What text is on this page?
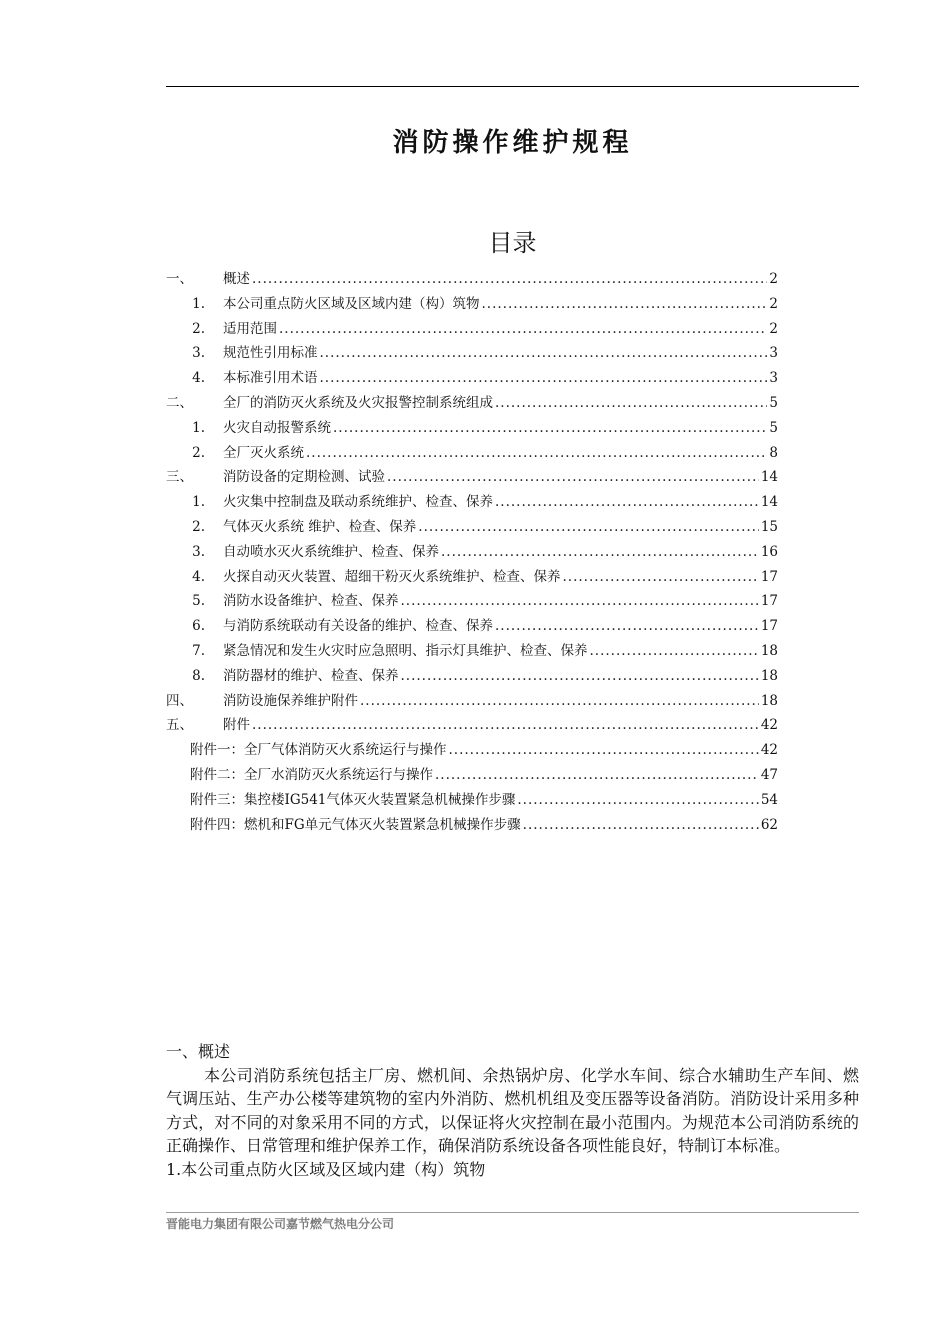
消防操作维护规程
目录
一、 概述 .....	2
1. 本公司重点防火区域及区域内建（构）筑物 .....	2
2. 适用范围 .....	2
3. 规范性引用标准 .....	3
4. 本标准引用术语 .....	3
二、 全厂的消防灭火系统及火灾报警控制系统组成 .....	5
1. 火灾自动报警系统 .....	5
2. 全厂灭火系统 .....	8
三、 消防设备的定期检测、试验 .....	14
1. 火灾集中控制盘及联动系统维护、检查、保养 .....	14
2. 气体灭火系统 维护、检查、保养 .....	15
3. 自动喷水灭火系统维护、检查、保养 .....	16
4. 火探自动灭火装置、超细干粉灭火系统维护、检查、保养 .....	17
5. 消防水设备维护、检查、保养 .....	17
6. 与消防系统联动有关设备的维护、检查、保养 .....	17
7. 紧急情况和发生火灾时应急照明、指示灯具维护、检查、保养 .....	18
8. 消防器材的维护、检查、保养 .....	18
四、 消防设施保养维护附件 .....	18
五、 附件 .....	42
附件一：全厂气体消防灭火系统运行与操作 .....	42
附件二：全厂水消防灭火系统运行与操作 .....	47
附件三：集控楼IG541气体灭火装置紧急机械操作步骤 .....	54
附件四：燃机和FG单元气体灭火装置紧急机械操作步骤 .....	62

一、概述

本公司消防系统包括主厂房、燃机间、余热锅炉房、化学水车间、综合水辅助生产车间、燃气调压站、生产办公楼等建筑物的室内外消防、燃机机组及变压器等设备消防。消防设计采用多种方式，对不同的对象采用不同的方式，以保证将火灾控制在最小范围内。为规范本公司消防系统的正确操作、日常管理和维护保养工作，确保消防系统设备各项性能良好，特制订本标准。

1.本公司重点防火区域及区域内建（构）筑物

晋能电力集团有限公司嘉节燃气热电分公司
